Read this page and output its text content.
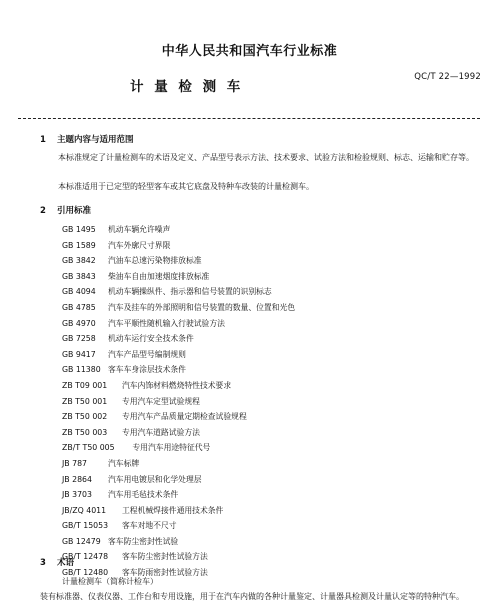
中华人民共和国汽车行业标准
计 量 检 测 车
QC/T 22—1992
1 主题内容与适用范围
本标准规定了计量检测车的术语及定义、产品型号表示方法、技术要求、试验方法和检验规则、标志、运输和贮存等。
本标准适用于已定型的轻型客车或其它底盘及特种车改装的计量检测车。
2 引用标准
GB 1495 机动车辆允许噪声
GB 1589 汽车外廓尺寸界限
GB 3842 汽油车总速污染物排放标准
GB 3843 柴油车自由加速烟度排放标准
GB 4094 机动车辆操纵件、指示器和信号装置的识别标志
GB 4785 汽车及挂车的外部照明和信号装置的数量、位置和光色
GB 4970 汽车平顺性随机输入行驶试验方法
GB 7258 机动车运行安全技术条件
GB 9417 汽车产品型号编制规则
GB 11380 客车车身涂层技术条件
ZB T09 001 汽车内饰材料燃烧特性技术要求
ZB T50 001 专用汽车定型试验规程
ZB T50 002 专用汽车产品质量定期检查试验规程
ZB T50 003 专用汽车道路试验方法
ZB/T T50 005 专用汽车用途特征代号
JB 787	汽车标牌
JB 2864 汽车用电镀层和化学处理层
JB 3703 汽车用毛毡技术条件
JB/ZQ 4011 工程机械焊接件通用技术条件
GB/T 15053 客车对地不尺寸
GB 12479 客车防尘密封性试验
GB/T 12478 客车防尘密封性试验方法
GB/T 12480 客车防雨密封性试验方法
3 术语
计量检测车（简称计检车）
装有标准器、仪表仪器、工作台和专用设施，用于在汽车内做的各种计量鉴定、计量器具检测及计量认定等的特种汽车。
